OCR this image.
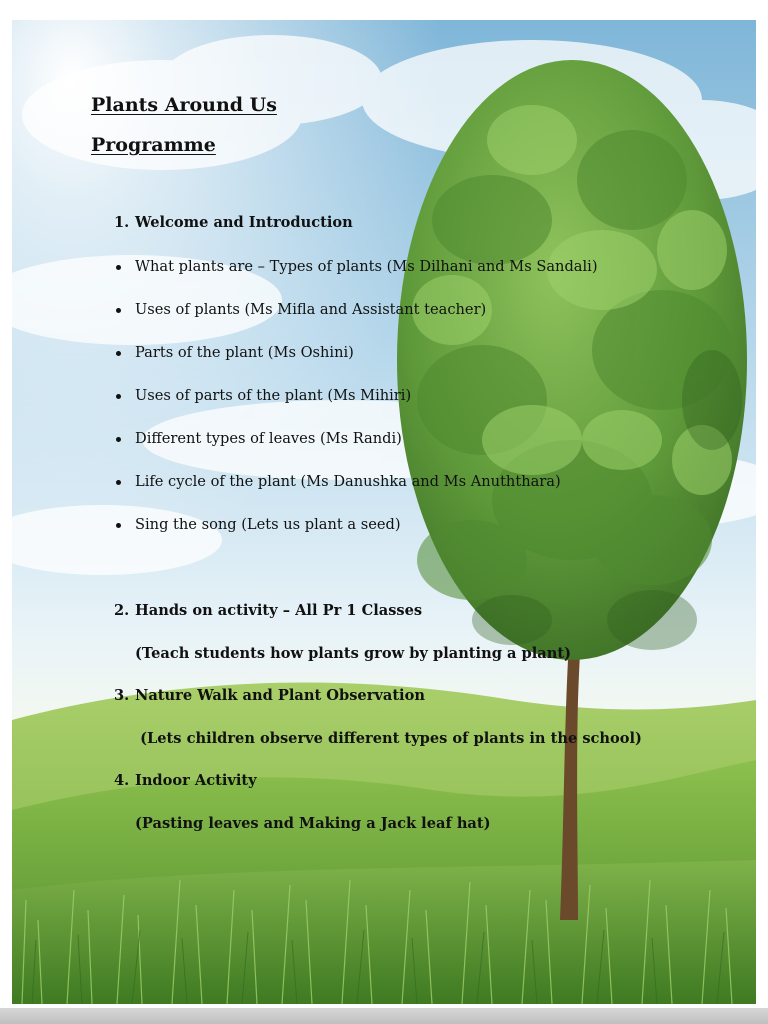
Plants Around Us
Programme
1. Welcome and Introduction
What plants are – Types of plants (Ms Dilhani and Ms Sandali)
Uses of plants (Ms Mifla and Assistant teacher)
Parts of the plant (Ms Oshini)
Uses of parts of the plant (Ms Mihiri)
Different types of leaves (Ms Randi)
Life cycle of the plant (Ms Danushka and Ms Anuththara)
Sing the song (Lets us plant a seed)
2. Hands on activity – All Pr 1 Classes
(Teach students how plants grow by planting a plant)
3. Nature Walk and Plant Observation
(Lets children observe different types of plants in the school)
4. Indoor Activity
(Pasting leaves and Making a Jack leaf hat)
